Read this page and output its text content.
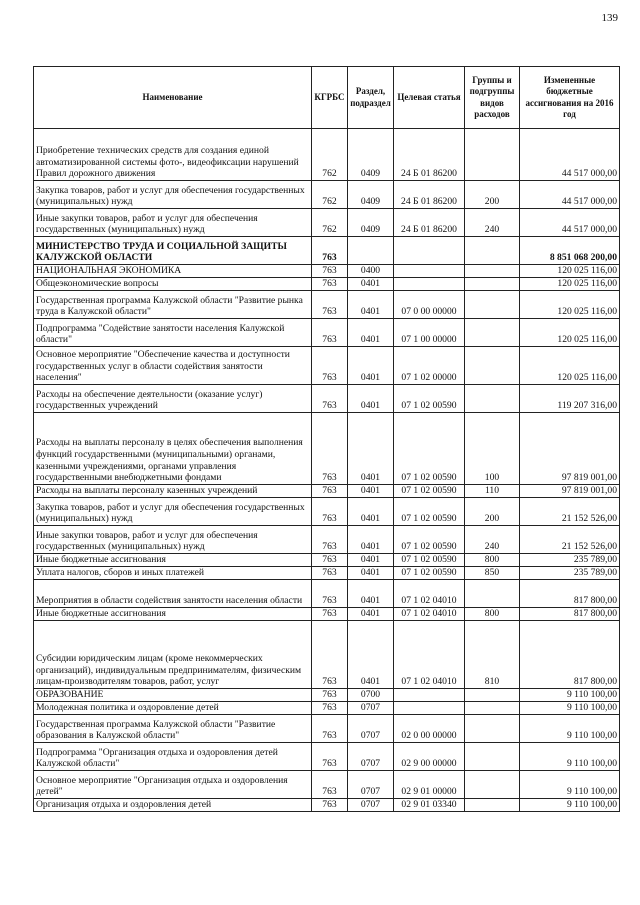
139
Наименование	КГРБС	Раздел, подраздел	Целевая статья	Группы и подгруппы видов расходов	Измененные бюджетные ассигнования на 2016 год
Приобретение технических средств для создания единой автоматизированной системы фото-, видеофиксации нарушений Правил дорожного движения	762	0409	24 Б 01 86200		44 517 000,00
Закупка товаров, работ и услуг для обеспечения государственных (муниципальных) нужд	762	0409	24 Б 01 86200	200	44 517 000,00
Иные закупки товаров, работ и услуг для обеспечения государственных (муниципальных) нужд	762	0409	24 Б 01 86200	240	44 517 000,00
МИНИСТЕРСТВО ТРУДА И СОЦИАЛЬНОЙ ЗАЩИТЫ КАЛУЖСКОЙ ОБЛАСТИ	763				8 851 068 200,00
НАЦИОНАЛЬНАЯ ЭКОНОМИКА	763	0400			120 025 116,00
Общеэкономические вопросы	763	0401			120 025 116,00
Государственная программа Калужской области "Развитие рынка труда в Калужской области"	763	0401	07 0 00 00000		120 025 116,00
Подпрограмма "Содействие занятости населения Калужской области"	763	0401	07 1 00 00000		120 025 116,00
Основное мероприятие "Обеспечение качества и доступности государственных услуг в области содействия занятости населения"	763	0401	07 1 02 00000		120 025 116,00
Расходы на обеспечение деятельности (оказание услуг) государственных учреждений	763	0401	07 1 02 00590		119 207 316,00
Расходы на выплаты персоналу в целях обеспечения выполнения функций государственными (муниципальными) органами, казенными учреждениями, органами управления государственными внебюджетными фондами	763	0401	07 1 02 00590	100	97 819 001,00
Расходы на выплаты персоналу казенных учреждений	763	0401	07 1 02 00590	110	97 819 001,00
Закупка товаров, работ и услуг для обеспечения государственных (муниципальных) нужд	763	0401	07 1 02 00590	200	21 152 526,00
Иные закупки товаров, работ и услуг для обеспечения государственных (муниципальных) нужд	763	0401	07 1 02 00590	240	21 152 526,00
Иные бюджетные ассигнования	763	0401	07 1 02 00590	800	235 789,00
Уплата налогов, сборов и иных платежей	763	0401	07 1 02 00590	850	235 789,00
Мероприятия в области содействия занятости населения области	763	0401	07 1 02 04010		817 800,00
Иные бюджетные ассигнования	763	0401	07 1 02 04010	800	817 800,00
Субсидии юридическим лицам (кроме некоммерческих организаций), индивидуальным предпринимателям, физическим лицам-производителям товаров, работ, услуг	763	0401	07 1 02 04010	810	817 800,00
ОБРАЗОВАНИЕ	763	0700			9 110 100,00
Молодежная политика и оздоровление детей	763	0707			9 110 100,00
Государственная программа Калужской области "Развитие образования в Калужской области"	763	0707	02 0 00 00000		9 110 100,00
Подпрограмма "Организация отдыха и оздоровления детей Калужской области"	763	0707	02 9 00 00000		9 110 100,00
Основное мероприятие "Организация отдыха и оздоровления детей"	763	0707	02 9 01 00000		9 110 100,00
Организация отдыха и оздоровления детей	763	0707	02 9 01 03340		9 110 100,00
